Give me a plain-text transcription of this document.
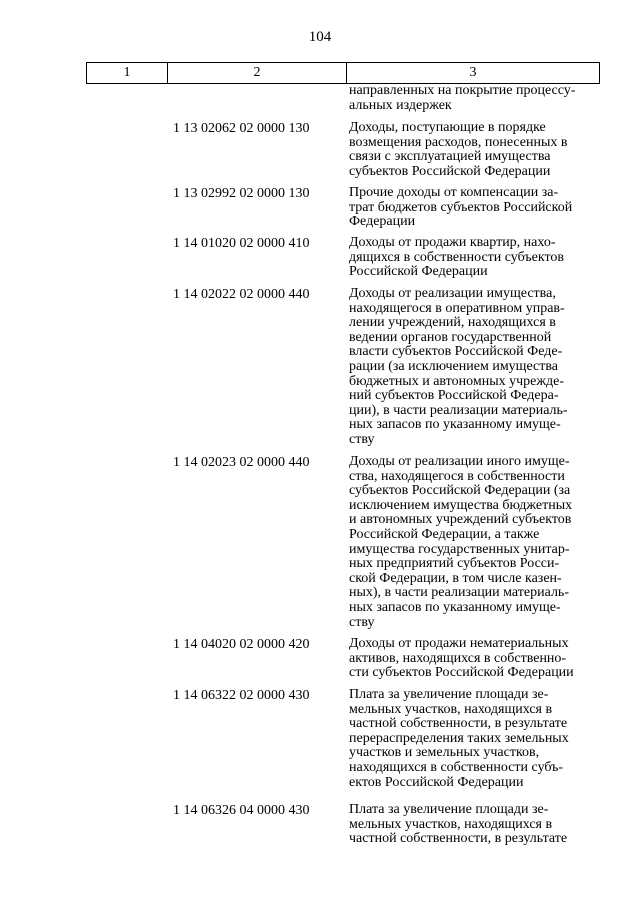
104
1	2	3
направленных на покрытие процессу-
альных издержек
1 13 02062 02 0000 130	Доходы, поступающие в порядке
возмещения расходов, понесенных в
связи с эксплуатацией имущества
субъектов Российской Федерации
1 13 02992 02 0000 130	Прочие доходы от компенсации за-
трат бюджетов субъектов Российской
Федерации
1 14 01020 02 0000 410	Доходы от продажи квартир, нахо-
дящихся в собственности субъектов
Российской Федерации
1 14 02022 02 0000 440	Доходы от реализации имущества,
находящегося в оперативном управ-
лении учреждений, находящихся в
ведении органов государственной
власти субъектов Российской Феде-
рации (за исключением имущества
бюджетных и автономных учрежде-
ний субъектов Российской Федера-
ции), в части реализации материаль-
ных запасов по указанному имуще-
ству
1 14 02023 02 0000 440	Доходы от реализации иного имуще-
ства, находящегося в собственности
субъектов Российской Федерации (за
исключением имущества бюджетных
и автономных учреждений субъектов
Российской Федерации, а также
имущества государственных унитар-
ных предприятий субъектов Росси-
ской Федерации, в том числе казен-
ных), в части реализации материаль-
ных запасов по указанному имуще-
ству
1 14 04020 02 0000 420	Доходы от продажи нематериальных
активов, находящихся в собственно-
сти субъектов Российской Федерации
1 14 06322 02 0000 430	Плата за увеличение площади зе-
мельных участков, находящихся в
частной собственности, в результате
перераспределения таких земельных
участков и земельных участков,
находящихся в собственности субъ-
ектов Российской Федерации
1 14 06326 04 0000 430	Плата за увеличение площади зе-
мельных участков, находящихся в
частной собственности, в результате
